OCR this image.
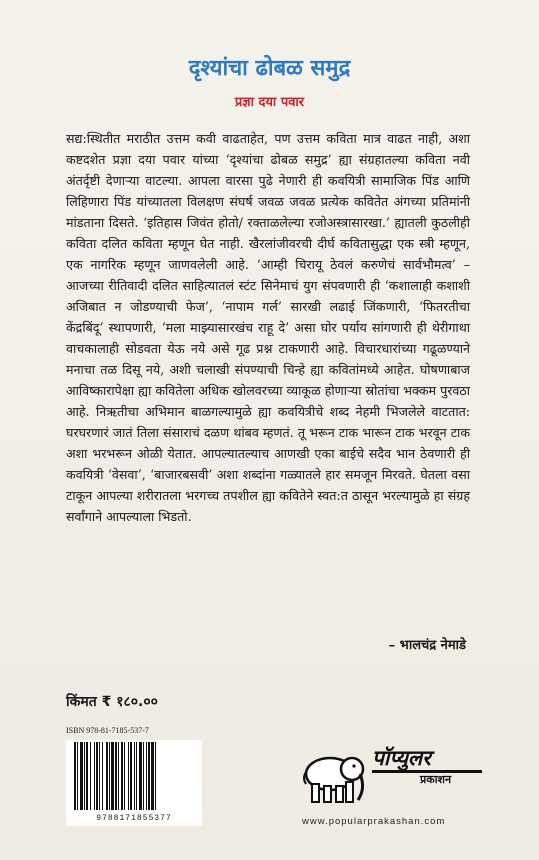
दृश्यांचा ढोबळ समुद्र
प्रज्ञा दया पवार

सद्य:स्थितीत मराठीत उत्तम कवी वाढताहेत, पण उत्तम कविता मात्र वाढत नाही, अशा कष्टदशेत प्रज्ञा दया पवार यांच्या ‘दृश्यांचा ढोबळ समुद्र’ ह्या संग्रहातल्या कविता नवी अंतर्दृष्टी देणाऱ्या वाटल्या. आपला वारसा पुढे नेणारी ही कवयित्री सामाजिक पिंड आणि लिहिणारा पिंड यांच्यातला विलक्षण संघर्ष जवळ जवळ प्रत्येक कवितेत अंगच्या प्रतिमांनी मांडताना दिसते. ‘इतिहास जिवंत होतो/ रक्ताळलेल्या रजोअस्त्रासारखा.’ ह्यातली कुठलीही कविता दलित कविता म्हणून घेत नाही. खैरलांजीवरची दीर्घ कवितासुद्धा एक स्त्री म्हणून, एक नागरिक म्हणून जाणवलेली आहे. ‘आम्ही चिरायू ठेवलं करुणेचं सार्वभौमत्व’ – आजच्या रीतिवादी दलित साहित्यातलं स्टंट सिनेमाचं युग संपवणारी ही ‘कशालाही कशाशी अजिबात न जोडण्याची फेज’, ‘नापाम गर्ल’ सारखी लढाई जिंकणारी, ‘फितरतीचा केंद्रबिंदू’ स्थापणारी, ‘मला माझ्यासारखंच राहू दे’ असा घोर पर्याय सांगणारी ही थेरीगाथा वाचकालाही सोडवता येऊ नये असे गूढ प्रश्न टाकणारी आहे. विचारधारांच्या गढूळण्याने मनाचा तळ दिसू नये, अशी चलाखी संपण्याची चिन्हे ह्या कवितांमध्ये आहेत. घोषणाबाज आविष्कारापेक्षा ह्या कवितेला अधिक खोलवरच्या व्याकूळ होणाऱ्या स्रोतांचा भक्कम पुरवठा आहे. निऋतीचा अभिमान बाळगल्यामुळे ह्या कवयित्रीचे शब्द नेहमी भिजलेले वाटतात: घरघरणारं जातं तिला संसाराचं दळण थांबव म्हणतं. तू भरून टाक भारून टाक भरवून टाक अशा भरभरून ओळी येतात. आपल्यातल्याच आणखी एका बाईचे सदैव भान ठेवणारी ही कवयित्री ‘वेसवा’, ‘बाजारबसवी’ अशा शब्दांना गळ्यातले हार समजून मिरवते. घेतला वसा टाकून आपल्या शरीरातला भरगच्च तपशील ह्या कवितेने स्वत:त ठासून भरल्यामुळे हा संग्रह सर्वांगाने आपल्याला भिडतो.

– भालचंद्र नेमाडे
किंमत ₹ १८०.००
ISBN 978-81-7185-537-7
9788171855377
पॉप्युलर
प्रकाशन
www.popularprakashan.com
